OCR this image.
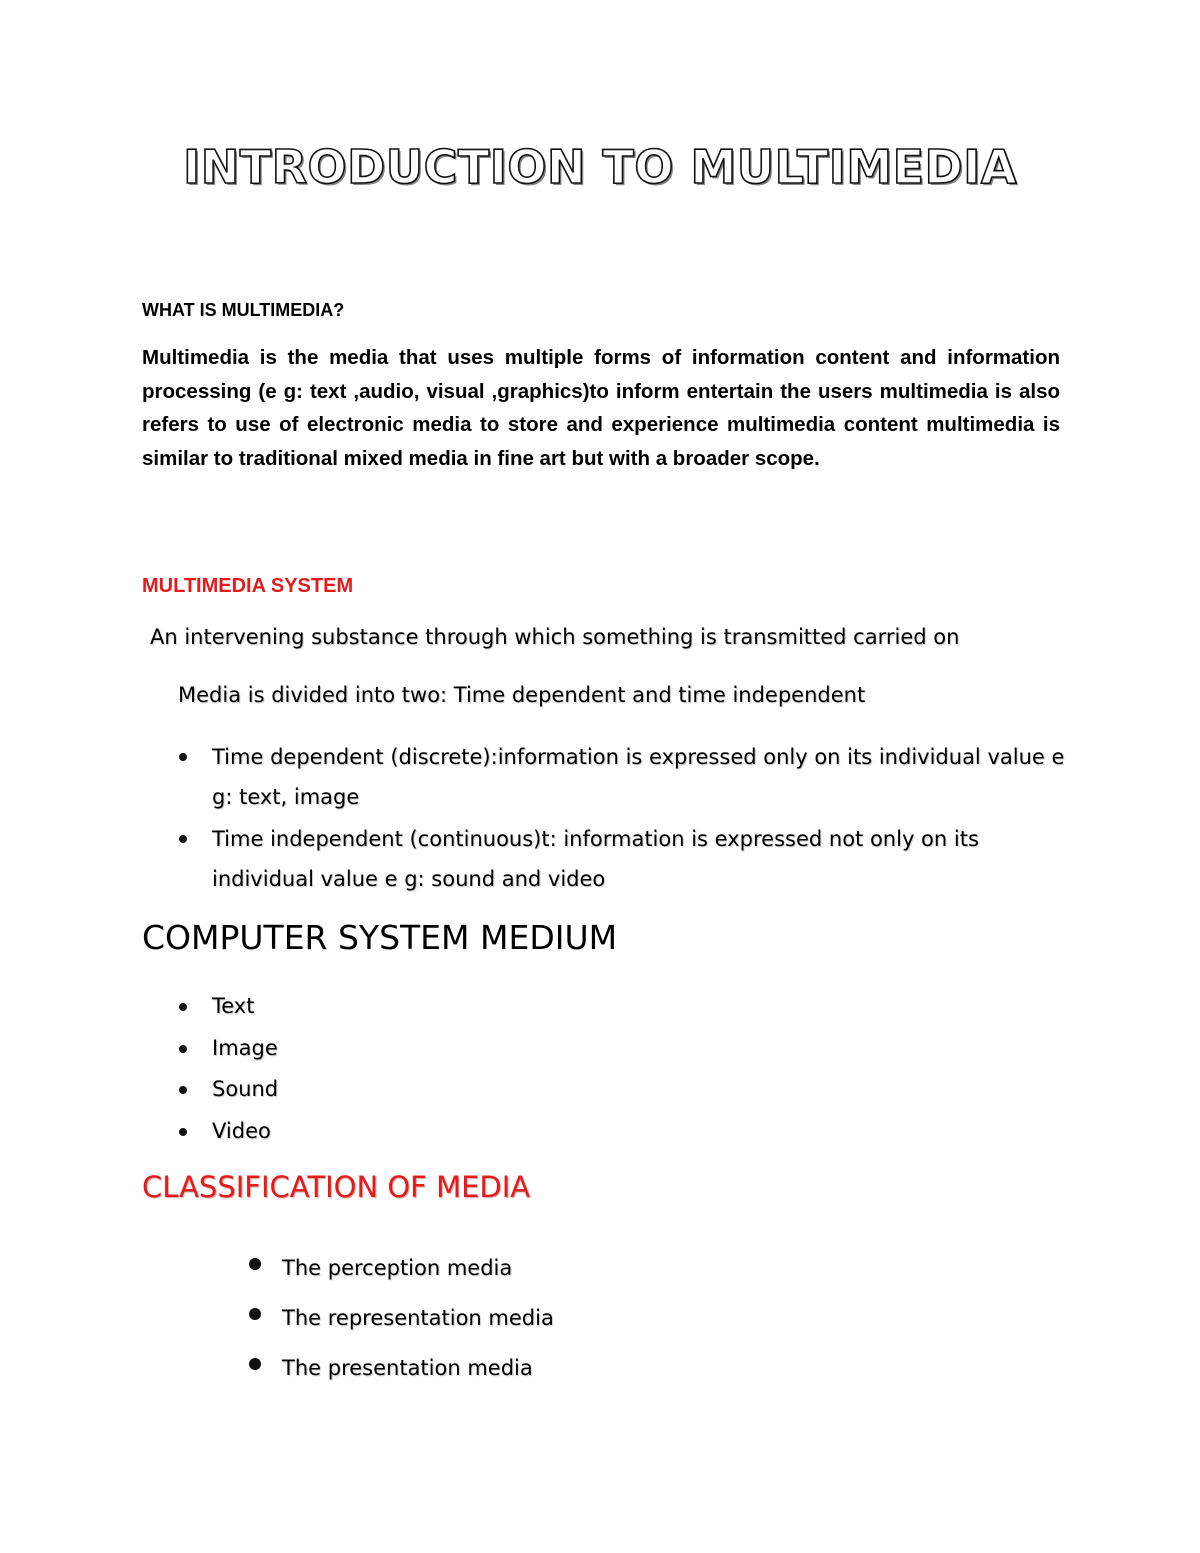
INTRODUCTION TO MULTIMEDIA
WHAT IS MULTIMEDIA?

Multimedia is the media that uses multiple forms of information content and information processing (e g: text ,audio, visual ,graphics)to inform entertain the users multimedia is also refers to use of electronic media to store and experience multimedia content multimedia is similar to traditional mixed media in fine art but with a broader scope.

MULTIMEDIA SYSTEM
An intervening substance through which something is transmitted carried on
Media is divided into two: Time dependent and time independent
Time dependent (discrete):information is expressed only on its individual value e g: text, image
Time independent (continuous)t: information is expressed not only on its individual value e g: sound and video
COMPUTER SYSTEM MEDIUM
Text
Image
Sound
Video
CLASSIFICATION OF MEDIA
The perception media
The representation media
The presentation media
